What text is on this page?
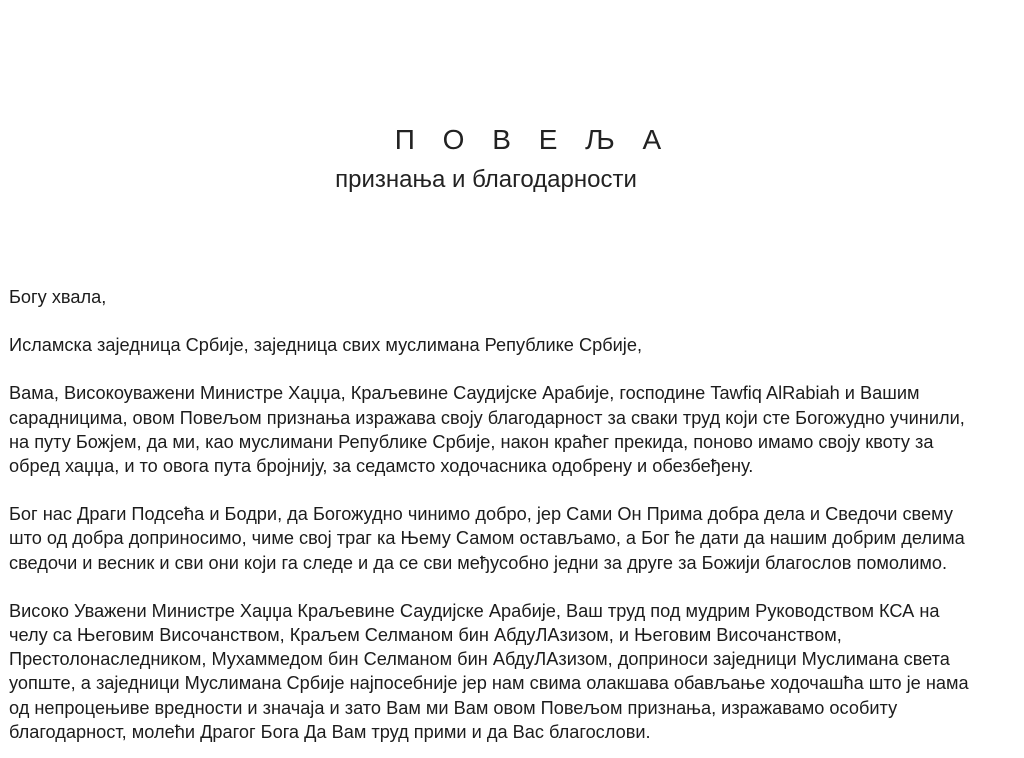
П О В Е Љ А
признања и благодарности

Богу хвала,

Исламска заједница Србије, заједница свих муслимана Републике Србије,

Вама, Високоуважени Министре Хаџџа, Краљевине Саудијске Арабије, господине Tawfiq AlRabiah и Вашим
сарадницима, овом Повељом признања изражава своју благодарност за сваки труд који сте Богожудно учинили,
на путу Божјем, да ми, као муслимани Републике Србије, након краћег прекида, поново имамо своју квоту за
обред хаџџа, и то овога пута бројнију, за седамсто ходочасника одобрену и обезбеђену.
Бог нас Драги Подсећа и Бодри, да Богожудно чинимо добро, јер Сами Он Прима добра дела и Сведочи свему
што од добра доприносимо, чиме свој траг ка Њему Самом остављамо, а Бог ће дати да нашим добрим делима
сведочи и весник и сви они који га следе и да се сви међусобно једни за друге за Божији благослов помолимо.
Високо Уважени Министре Хаџџа Краљевине Саудијске Арабије, Ваш труд под мудрим Руководством КСА на
челу са Његовим Височанством, Краљем Селманом бин АбдуЛАзизом, и Његовим Височанством,
Престолонаследником, Мухаммедом бин Селманом бин АбдуЛАзизом, доприноси заједници Муслимана света
уопште, а заједници Муслимана Србије најпосебније јер нам свима олакшава обављање ходочашћа што је нама
од непроцењиве вредности и значаја и зато Вам ми Вам овом Повељом признања, изражавамо особиту
благодарност, молећи Драгог Бога Да Вам труд прими и да Вас благослови.
